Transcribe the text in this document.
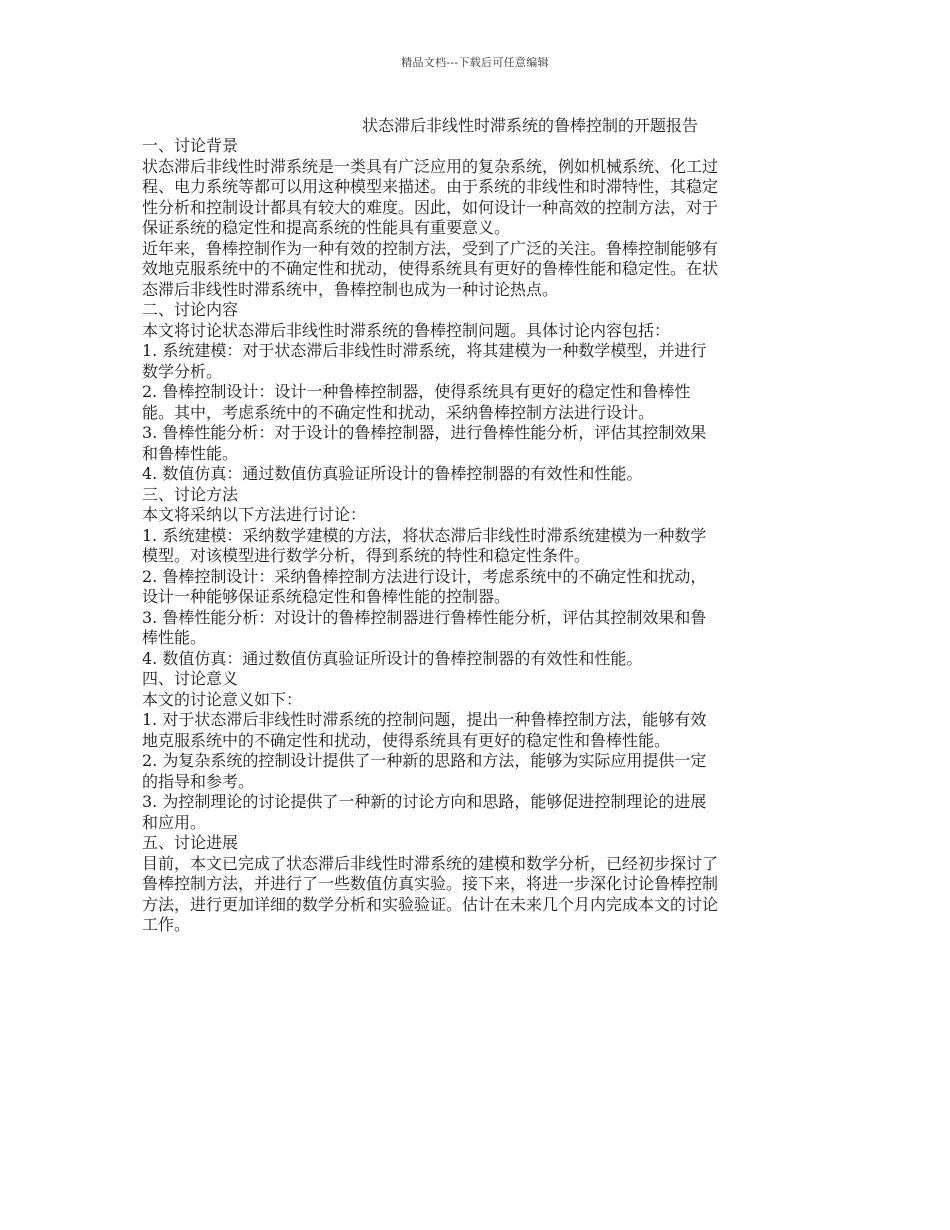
精品文档---下载后可任意编辑
状态滞后非线性时滞系统的鲁棒控制的开题报告
一、讨论背景
状态滞后非线性时滞系统是一类具有广泛应用的复杂系统，例如机械系统、化工过
程、电力系统等都可以用这种模型来描述。由于系统的非线性和时滞特性，其稳定
性分析和控制设计都具有较大的难度。因此，如何设计一种高效的控制方法，对于
保证系统的稳定性和提高系统的性能具有重要意义。
近年来，鲁棒控制作为一种有效的控制方法，受到了广泛的关注。鲁棒控制能够有
效地克服系统中的不确定性和扰动，使得系统具有更好的鲁棒性能和稳定性。在状
态滞后非线性时滞系统中，鲁棒控制也成为一种讨论热点。
二、讨论内容
本文将讨论状态滞后非线性时滞系统的鲁棒控制问题。具体讨论内容包括：
1. 系统建模：对于状态滞后非线性时滞系统，将其建模为一种数学模型，并进行
数学分析。
2. 鲁棒控制设计：设计一种鲁棒控制器，使得系统具有更好的稳定性和鲁棒性
能。其中，考虑系统中的不确定性和扰动，采纳鲁棒控制方法进行设计。
3. 鲁棒性能分析：对于设计的鲁棒控制器，进行鲁棒性能分析，评估其控制效果
和鲁棒性能。
4. 数值仿真：通过数值仿真验证所设计的鲁棒控制器的有效性和性能。
三、讨论方法
本文将采纳以下方法进行讨论：
1. 系统建模：采纳数学建模的方法，将状态滞后非线性时滞系统建模为一种数学
模型。对该模型进行数学分析，得到系统的特性和稳定性条件。
2. 鲁棒控制设计：采纳鲁棒控制方法进行设计，考虑系统中的不确定性和扰动，
设计一种能够保证系统稳定性和鲁棒性能的控制器。
3. 鲁棒性能分析：对设计的鲁棒控制器进行鲁棒性能分析，评估其控制效果和鲁
棒性能。
4. 数值仿真：通过数值仿真验证所设计的鲁棒控制器的有效性和性能。
四、讨论意义
本文的讨论意义如下：
1. 对于状态滞后非线性时滞系统的控制问题，提出一种鲁棒控制方法，能够有效
地克服系统中的不确定性和扰动，使得系统具有更好的稳定性和鲁棒性能。
2. 为复杂系统的控制设计提供了一种新的思路和方法，能够为实际应用提供一定
的指导和参考。
3. 为控制理论的讨论提供了一种新的讨论方向和思路，能够促进控制理论的进展
和应用。
五、讨论进展
目前，本文已完成了状态滞后非线性时滞系统的建模和数学分析，已经初步探讨了
鲁棒控制方法，并进行了一些数值仿真实验。接下来，将进一步深化讨论鲁棒控制
方法，进行更加详细的数学分析和实验验证。估计在未来几个月内完成本文的讨论
工作。
